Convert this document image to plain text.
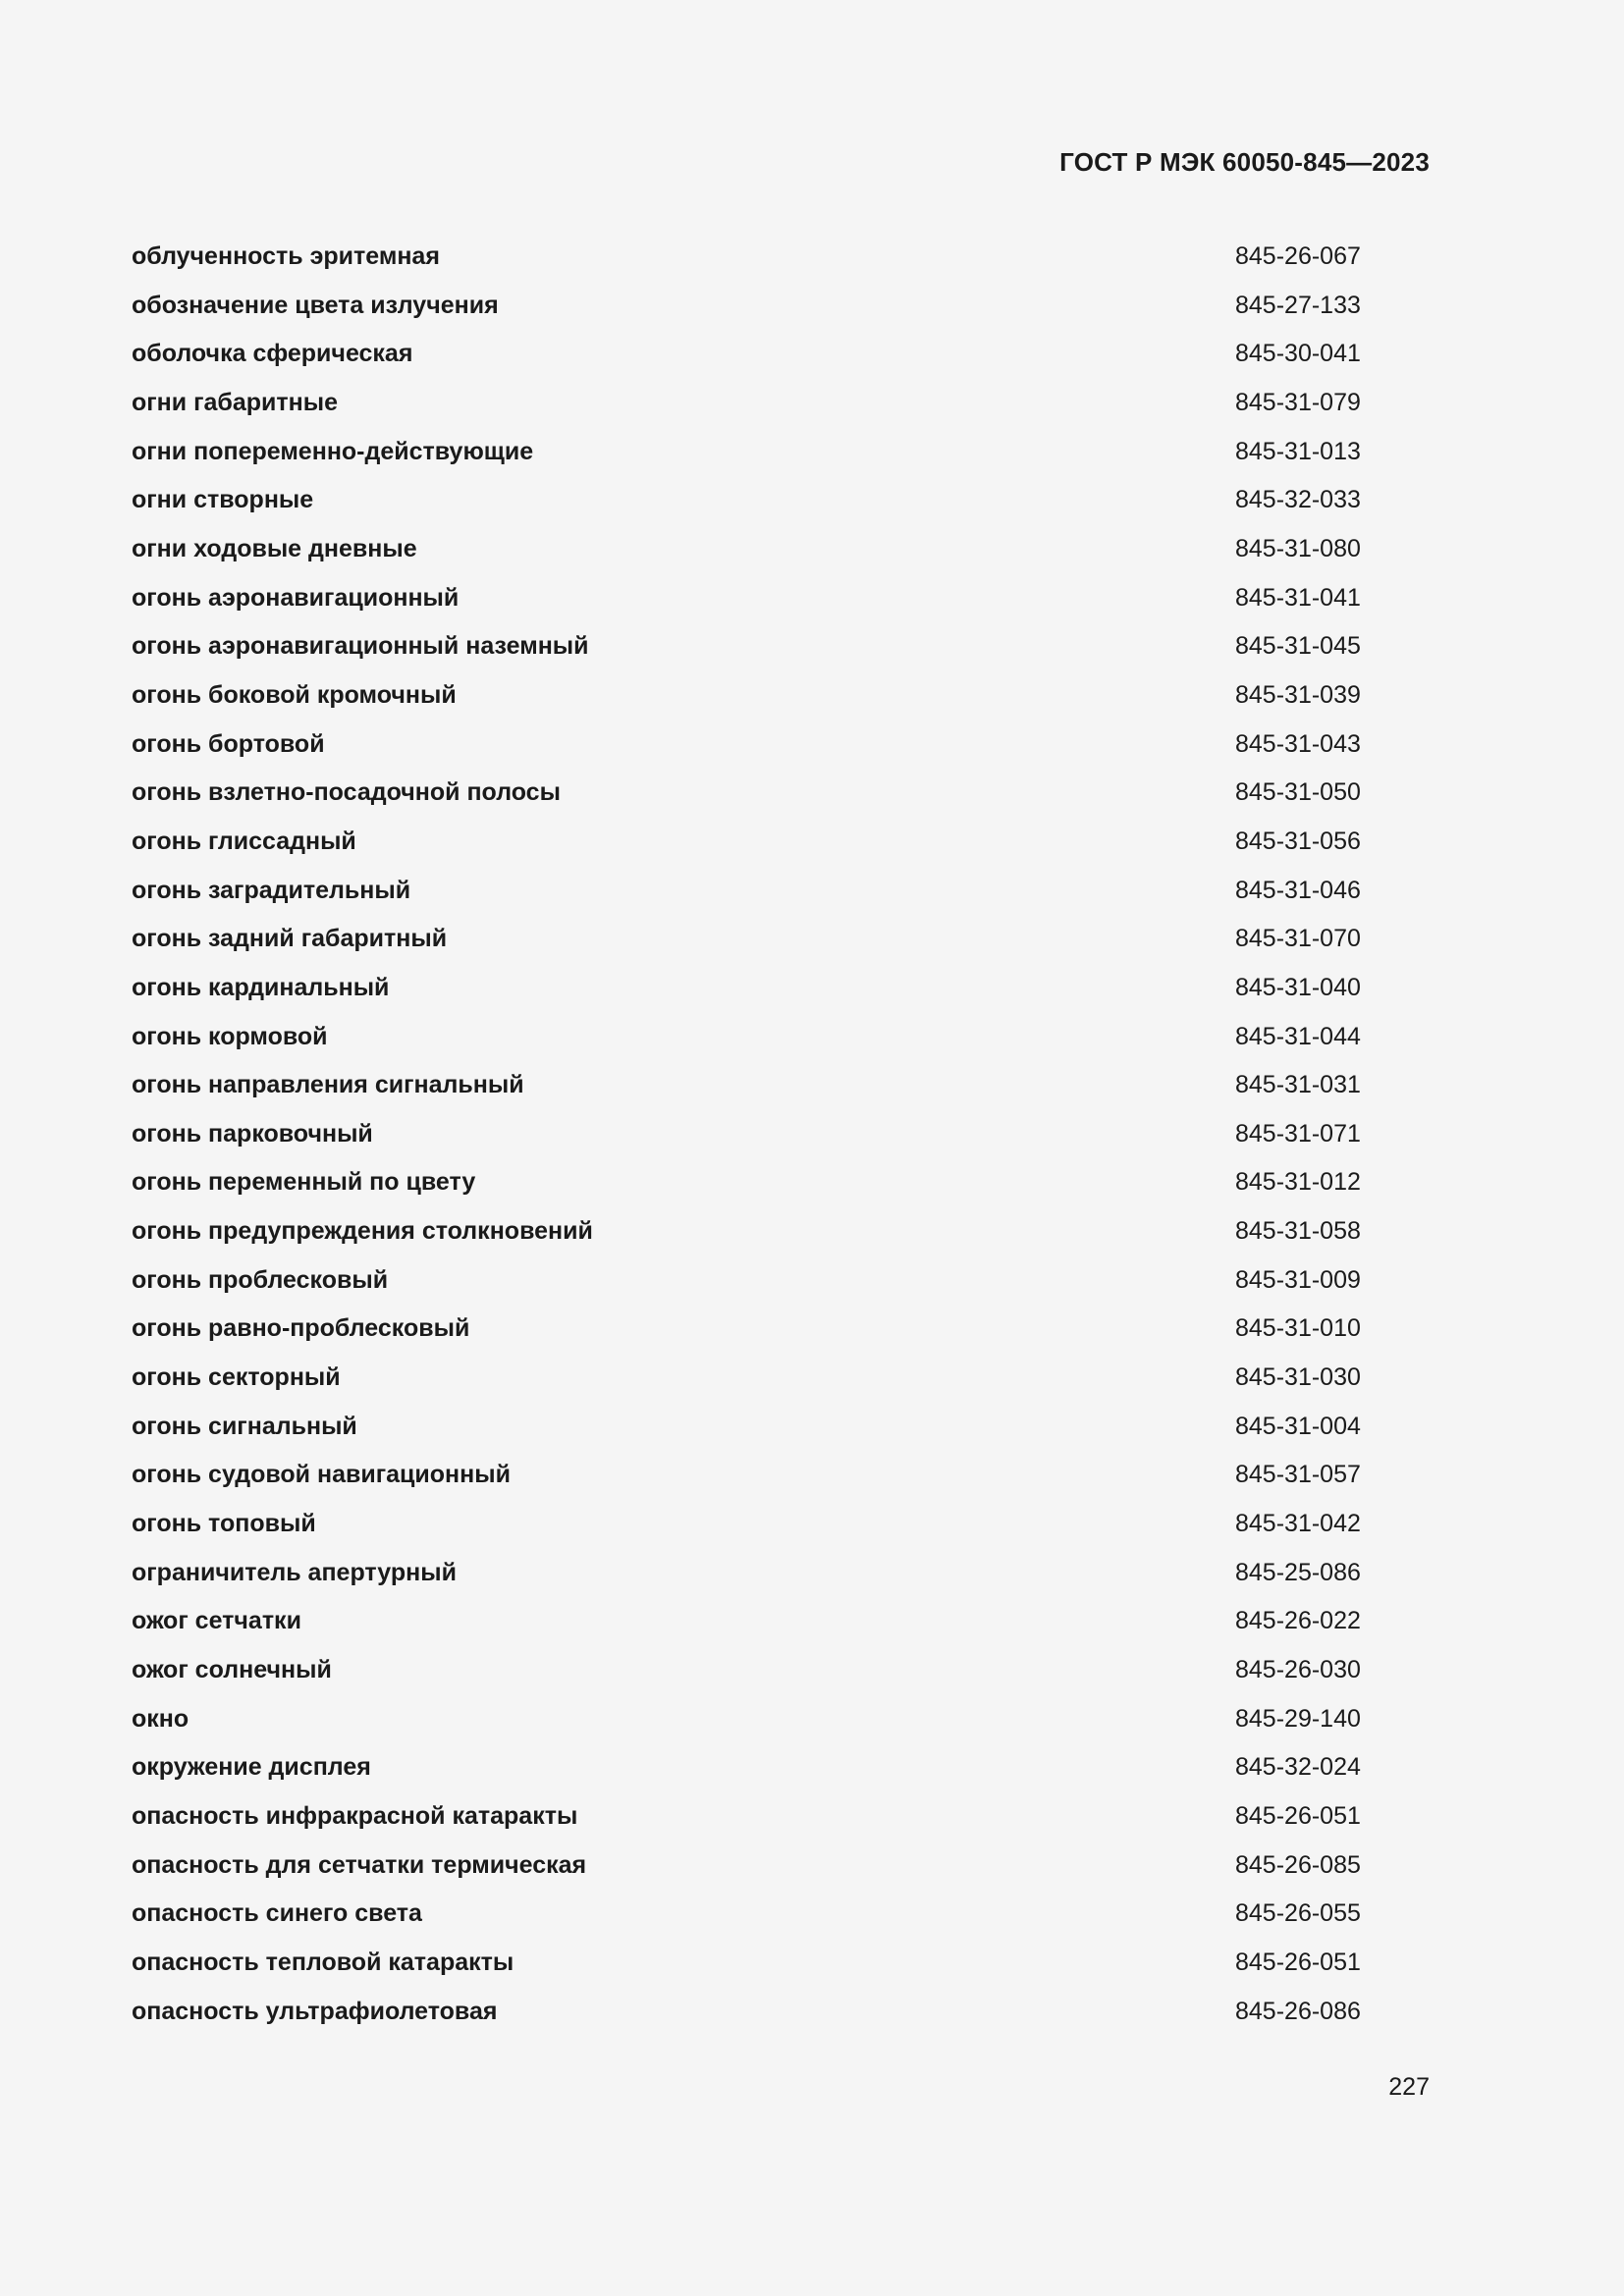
ГОСТ Р МЭК 60050-845—2023
облученность эритемная	845-26-067
обозначение цвета излучения	845-27-133
оболочка сферическая	845-30-041
огни габаритные	845-31-079
огни попеременно-действующие	845-31-013
огни створные	845-32-033
огни ходовые дневные	845-31-080
огонь аэронавигационный	845-31-041
огонь аэронавигационный наземный	845-31-045
огонь боковой кромочный	845-31-039
огонь бортовой	845-31-043
огонь взлетно-посадочной полосы	845-31-050
огонь глиссадный	845-31-056
огонь заградительный	845-31-046
огонь задний габаритный	845-31-070
огонь кардинальный	845-31-040
огонь кормовой	845-31-044
огонь направления сигнальный	845-31-031
огонь парковочный	845-31-071
огонь переменный по цвету	845-31-012
огонь предупреждения столкновений	845-31-058
огонь проблесковый	845-31-009
огонь равно-проблесковый	845-31-010
огонь секторный	845-31-030
огонь сигнальный	845-31-004
огонь судовой навигационный	845-31-057
огонь топовый	845-31-042
ограничитель апертурный	845-25-086
ожог сетчатки	845-26-022
ожог солнечный	845-26-030
окно	845-29-140
окружение дисплея	845-32-024
опасность инфракрасной катаракты	845-26-051
опасность для сетчатки термическая	845-26-085
опасность синего света	845-26-055
опасность тепловой катаракты	845-26-051
опасность ультрафиолетовая	845-26-086
227
